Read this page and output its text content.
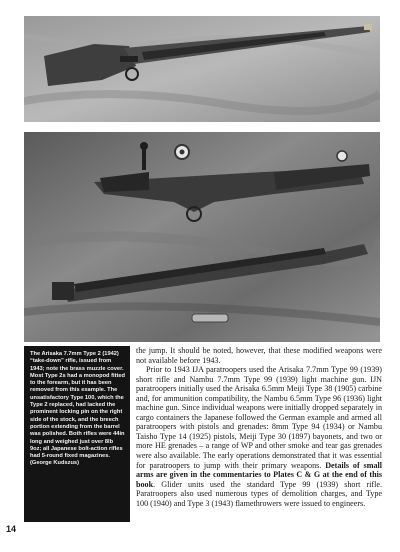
The Arisaka 7.7mm Type 2 (1942) “take-down” rifle, issued from 1943; note the brass muzzle cover. Most Type 2s had a monopod fitted to the forearm, but it has been removed from this example. The unsatisfactory Type 100, which the Type 2 replaced, had lacked the prominent locking pin on the right side of the stock, and the breech portion extending from the barrel was polished. Both rifles were 44in long and weighed just over 8lb 9oz; all Japanese bolt-action rifles had 5-round fixed magazines. (George Kudszus)

the jump. It should be noted, however, that these modified weapons were not available before 1943.

Prior to 1943 IJA paratroopers used the Arisaka 7.7mm Type 99 (1939) short rifle and Nambu 7.7mm Type 99 (1939) light machine gun. IJN paratroopers initially used the Arisaka 6.5mm Meiji Type 38 (1905) carbine and, for ammunition compatibility, the Nambu 6.5mm Type 96 (1936) light machine gun. Since individual weapons were initially dropped separately in cargo containers the Japanese followed the German example and armed all paratroopers with pistols and grenades: 8mm Type 94 (1934) or Nambu Taisho Type 14 (1925) pistols, Meiji Type 30 (1897) bayonets, and two or more HE grenades – a range of WP and other smoke and tear gas grenades were also available. The early operations demonstrated that it was essential for paratroopers to jump with their primary weapons. Details of small arms are given in the commentaries to Plates C & G at the end of this book. Glider units used the standard Type 99 (1939) short rifle. Paratroopers also used numerous types of demolition charges, and Type 100 (1940) and Type 3 (1943) flamethrowers were issued to engineers.

14
